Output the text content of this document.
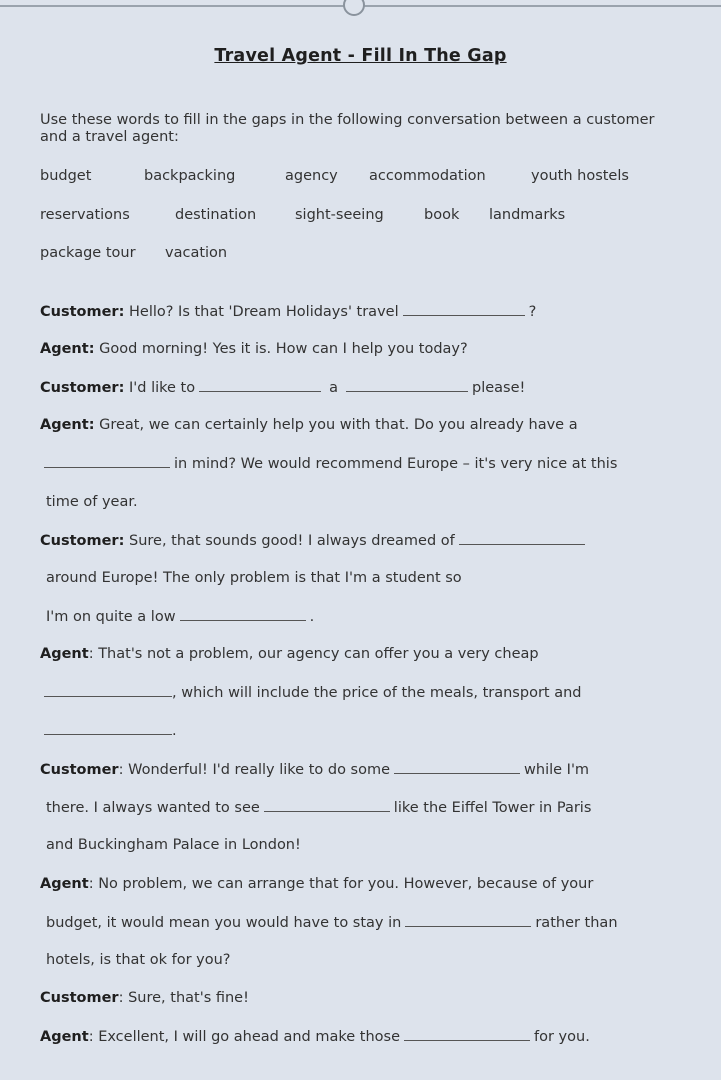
Travel Agent - Fill In The Gap
Use these words to fill in the gaps in the following conversation between a customer and a travel agent:
budget	backpacking	agency accommodation	youth hostels
reservations	destination	sight-seeing	book landmarks
package tour vacation
Customer: Hello? Is that 'Dream Holidays' travel	?
Agent: Good morning! Yes it is. How can I help you today?
Customer: I'd like to	a	please!
Agent: Great, we can certainly help you with that. Do you already have a
in mind? We would recommend Europe – it's very nice at this
time of year.
Customer: Sure, that sounds good! I always dreamed of
around Europe! The only problem is that I'm a student so
I'm on quite a low	.
Agent: That's not a problem, our agency can offer you a very cheap
, which will include the price of the meals, transport and
.
Customer: Wonderful! I'd really like to do some	while I'm
there. I always wanted to see	like the Eiffel Tower in Paris
and Buckingham Palace in London!
Agent: No problem, we can arrange that for you. However, because of your
budget, it would mean you would have to stay in	rather than
hotels, is that ok for you?
Customer: Sure, that's fine!
Agent: Excellent, I will go ahead and make those	for you.
